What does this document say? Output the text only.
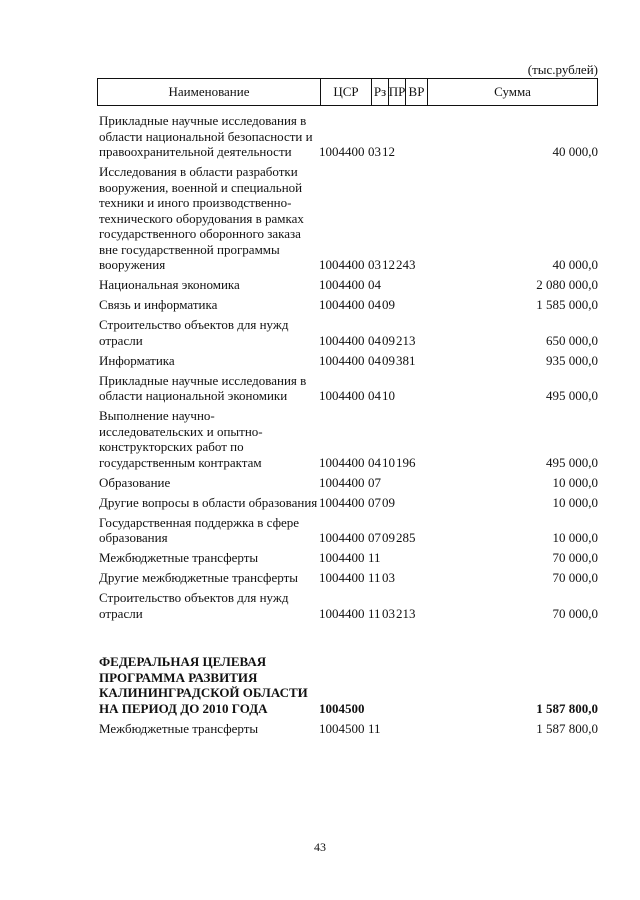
(тыс.рублей)
Наименование	ЦСР	Рз ПР ВР	Сумма
Прикладные научные исследования в области национальной безопасности и правоохранительной деятельности	1004400 03 12	40 000,0
Исследования в области разработки вооружения, военной и специальной техники и иного производственно-технического оборудования в рамках государственного оборонного заказа вне государственной программы вооружения	1004400 03 12 243	40 000,0
Национальная экономика	1004400 04	2 080 000,0
Связь и информатика	1004400 04 09	1 585 000,0
Строительство объектов для нужд отрасли	1004400 04 09 213	650 000,0
Информатика	1004400 04 09 381	935 000,0
Прикладные научные исследования в области национальной экономики	1004400 04 10	495 000,0
Выполнение научно-исследовательских и опытно-конструкторских работ по государственным контрактам	1004400 04 10 196	495 000,0
Образование	1004400 07	10 000,0
Другие вопросы в области образования 1004400 07 09	10 000,0
Государственная поддержка в сфере образования	1004400 07 09 285	10 000,0
Межбюджетные трансферты	1004400 11	70 000,0
Другие межбюджетные трансферты	1004400 11 03	70 000,0
Строительство объектов для нужд отрасли	1004400 11 03 213	70 000,0
ФЕДЕРАЛЬНАЯ ЦЕЛЕВАЯ ПРОГРАММА РАЗВИТИЯ КАЛИНИНГРАДСКОЙ ОБЛАСТИ НА ПЕРИОД ДО 2010 ГОДА	1004500	1 587 800,0
Межбюджетные трансферты	1004500 11	1 587 800,0
43
